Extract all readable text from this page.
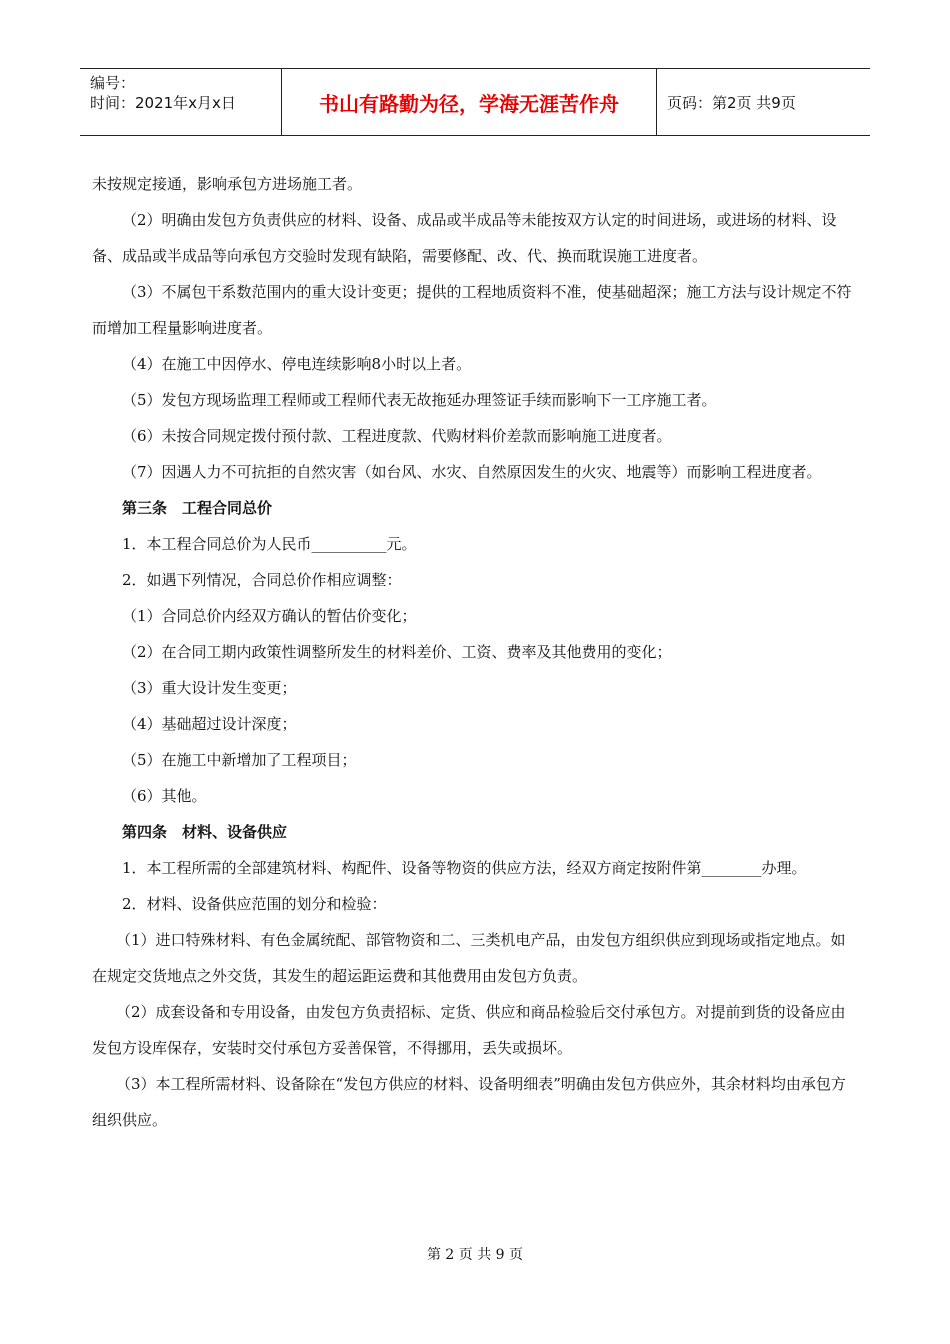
编号：
时间：2021年x月x日	书山有路勤为径，学海无涯苦作舟	页码：第2页 共9页

未按规定接通，影响承包方进场施工者。

（2）明确由发包方负责供应的材料、设备、成品或半成品等未能按双方认定的时间进场，或进场的材料、设备、成品或半成品等向承包方交验时发现有缺陷，需要修配、改、代、换而耽误施工进度者。

（3）不属包干系数范围内的重大设计变更；提供的工程地质资料不准，使基础超深；施工方法与设计规定不符而增加工程量影响进度者。

（4）在施工中因停水、停电连续影响8小时以上者。

（5）发包方现场监理工程师或工程师代表无故拖延办理签证手续而影响下一工序施工者。

（6）未按合同规定拨付预付款、工程进度款、代购材料价差款而影响施工进度者。

（7）因遇人力不可抗拒的自然灾害（如台风、水灾、自然原因发生的火灾、地震等）而影响工程进度者。

第三条　工程合同总价

1．本工程合同总价为人民币__________元。

2．如遇下列情况，合同总价作相应调整：

（1）合同总价内经双方确认的暂估价变化；

（2）在合同工期内政策性调整所发生的材料差价、工资、费率及其他费用的变化；

（3）重大设计发生变更；

（4）基础超过设计深度；

（5）在施工中新增加了工程项目；

（6）其他。

第四条　材料、设备供应

1．本工程所需的全部建筑材料、构配件、设备等物资的供应方法，经双方商定按附件第________办理。

2．材料、设备供应范围的划分和检验：

（1）进口特殊材料、有色金属统配、部管物资和二、三类机电产品，由发包方组织供应到现场或指定地点。如在规定交货地点之外交货，其发生的超运距运费和其他费用由发包方负责。

（2）成套设备和专用设备，由发包方负责招标、定货、供应和商品检验后交付承包方。对提前到货的设备应由发包方设库保存，安装时交付承包方妥善保管，不得挪用，丢失或损坏。

（3）本工程所需材料、设备除在“发包方供应的材料、设备明细表”明确由发包方供应外，其余材料均由承包方组织供应。

第 2 页 共 9 页
